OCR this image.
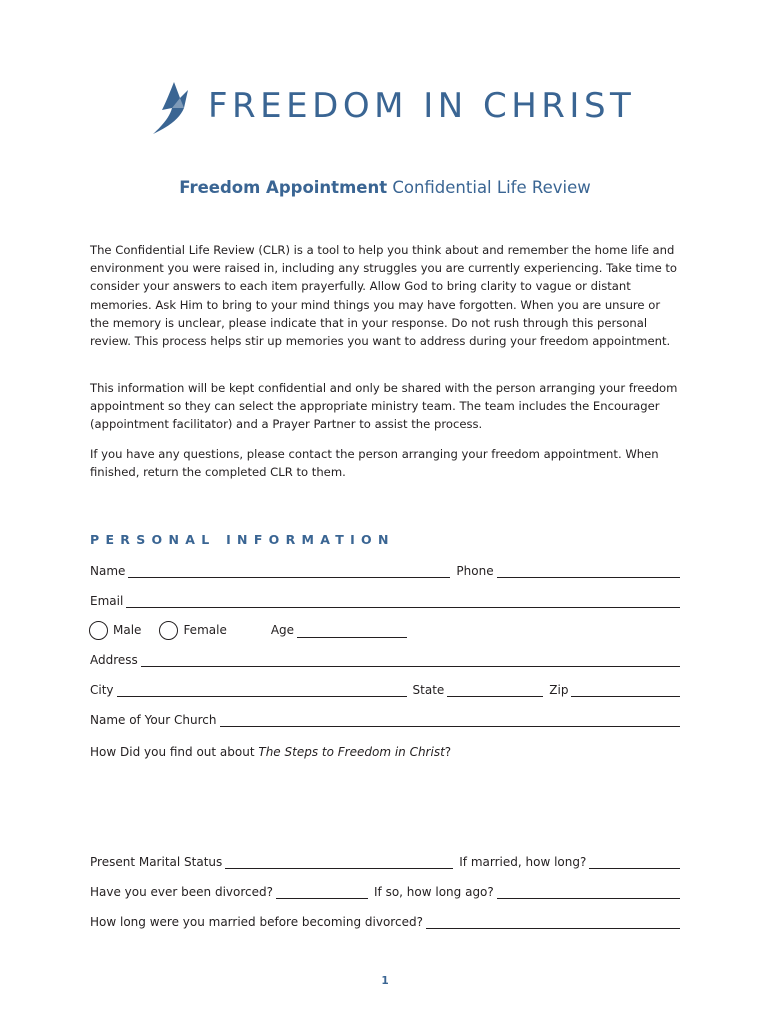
FREEDOM IN CHRIST
Freedom Appointment Confidential Life Review

The Confidential Life Review (CLR) is a tool to help you think about and remember the home life and environment you were raised in, including any struggles you are currently experiencing. Take time to consider your answers to each item prayerfully. Allow God to bring clarity to vague or distant memories. Ask Him to bring to your mind things you may have forgotten. When you are unsure or the memory is unclear, please indicate that in your response. Do not rush through this personal review. This process helps stir up memories you want to address during your freedom appointment.

This information will be kept confidential and only be shared with the person arranging your freedom appointment so they can select the appropriate ministry team. The team includes the Encourager (appointment facilitator) and a Prayer Partner to assist the process.

If you have any questions, please contact the person arranging your freedom appointment. When finished, return the completed CLR to them.

PERSONAL INFORMATION
Name	Phone
Email
Male	Female	Age
Address
City	State	Zip
Name of Your Church
How Did you find out about The Steps to Freedom in Christ?
Present Marital Status	If married, how long?
Have you ever been divorced?	If so, how long ago?
How long were you married before becoming divorced?
1
